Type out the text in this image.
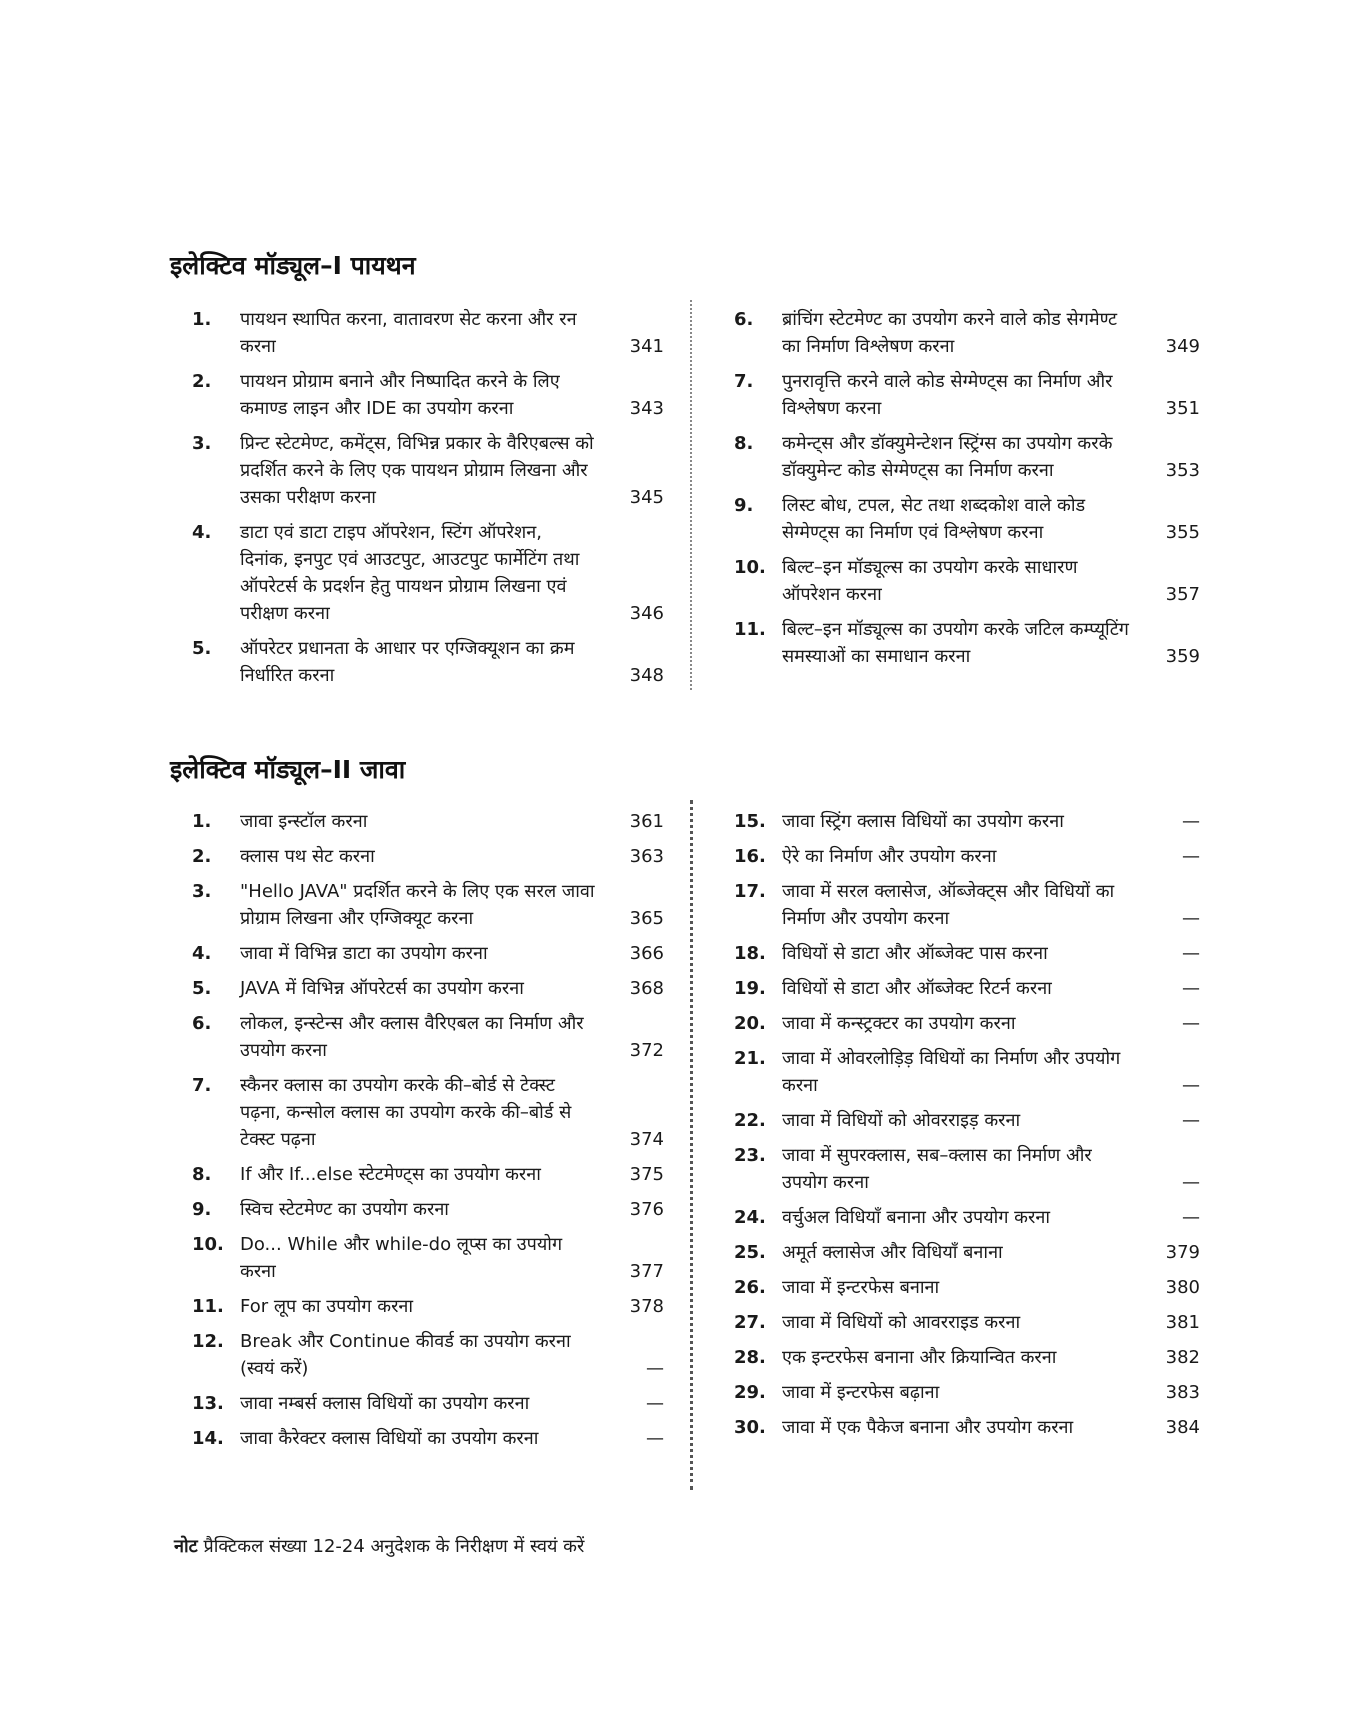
इलेक्टिव मॉड्यूल–I पायथन
1.	पायथन स्थापित करना, वातावरण सेट करना और रन करना	341
2.	पायथन प्रोग्राम बनाने और निष्पादित करने के लिए कमाण्ड लाइन और IDE का उपयोग करना	343
3.	प्रिन्ट स्टेटमेण्ट, कमेंट्स, विभिन्न प्रकार के वैरिएबल्स को प्रदर्शित करने के लिए एक पायथन प्रोग्राम लिखना और उसका परीक्षण करना	345
4.	डाटा एवं डाटा टाइप ऑपरेशन, स्टिंग ऑपरेशन, दिनांक, इनपुट एवं आउटपुट, आउटपुट फार्मेटिंग तथा ऑपरेटर्स के प्रदर्शन हेतु पायथन प्रोग्राम लिखना एवं परीक्षण करना	346
5.	ऑपरेटर प्रधानता के आधार पर एग्जिक्यूशन का क्रम निर्धारित करना	348
6.	ब्रांचिंग स्टेटमेण्ट का उपयोग करने वाले कोड सेगमेण्ट का निर्माण विश्लेषण करना	349
7.	पुनरावृत्ति करने वाले कोड सेग्मेण्ट्स का निर्माण और विश्लेषण करना	351
8.	कमेन्ट्स और डॉक्युमेन्टेशन स्ट्रिंग्स का उपयोग करके डॉक्युमेन्ट कोड सेग्मेण्ट्स का निर्माण करना	353
9.	लिस्ट बोध, टपल, सेट तथा शब्दकोश वाले कोड सेग्मेण्ट्स का निर्माण एवं विश्लेषण करना	355
10. बिल्ट–इन मॉड्यूल्स का उपयोग करके साधारण ऑपरेशन करना	357
11. बिल्ट–इन मॉड्यूल्स का उपयोग करके जटिल कम्प्यूटिंग समस्याओं का समाधान करना	359
इलेक्टिव मॉड्यूल–II जावा
1.	जावा इन्स्टॉल करना	361
2.	क्लास पथ सेट करना	363
3.	"Hello JAVA" प्रदर्शित करने के लिए एक सरल जावा प्रोग्राम लिखना और एग्जिक्यूट करना	365
4.	जावा में विभिन्न डाटा का उपयोग करना	366
5.	JAVA में विभिन्न ऑपरेटर्स का उपयोग करना	368
6.	लोकल, इन्स्टेन्स और क्लास वैरिएबल का निर्माण और उपयोग करना	372
7.	स्कैनर क्लास का उपयोग करके की–बोर्ड से टेक्स्ट पढ़ना, कन्सोल क्लास का उपयोग करके की–बोर्ड से टेक्स्ट पढ़ना	374
8.	If और If...else स्टेटमेण्ट्स का उपयोग करना	375
9.	स्विच स्टेटमेण्ट का उपयोग करना	376
10. Do... While और while-do लूप्स का उपयोग करना	377
11. For लूप का उपयोग करना	378
12. Break और Continue कीवर्ड का उपयोग करना (स्वयं करें)	—
13. जावा नम्बर्स क्लास विधियों का उपयोग करना	—
14. जावा कैरेक्टर क्लास विधियों का उपयोग करना	—
15. जावा स्ट्रिंग क्लास विधियों का उपयोग करना	—
16. ऐरे का निर्माण और उपयोग करना	—
17. जावा में सरल क्लासेज, ऑब्जेक्ट्स और विधियों का निर्माण और उपयोग करना	—
18. विधियों से डाटा और ऑब्जेक्ट पास करना	—
19. विधियों से डाटा और ऑब्जेक्ट रिटर्न करना	—
20. जावा में कन्स्ट्रक्टर का उपयोग करना	—
21. जावा में ओवरलोड़िड़ विधियों का निर्माण और उपयोग करना	—
22. जावा में विधियों को ओवरराइड़ करना	—
23. जावा में सुपरक्लास, सब–क्लास का निर्माण और उपयोग करना	—
24. वर्चुअल विधियाँ बनाना और उपयोग करना	—
25. अमूर्त क्लासेज और विधियाँ बनाना	379
26. जावा में इन्टरफेस बनाना	380
27. जावा में विधियों को आवरराइड करना	381
28. एक इन्टरफेस बनाना और क्रियान्वित करना	382
29. जावा में इन्टरफेस बढ़ाना	383
30. जावा में एक पैकेज बनाना और उपयोग करना	384
नोट प्रैक्टिकल संख्या 12-24 अनुदेशक के निरीक्षण में स्वयं करें
